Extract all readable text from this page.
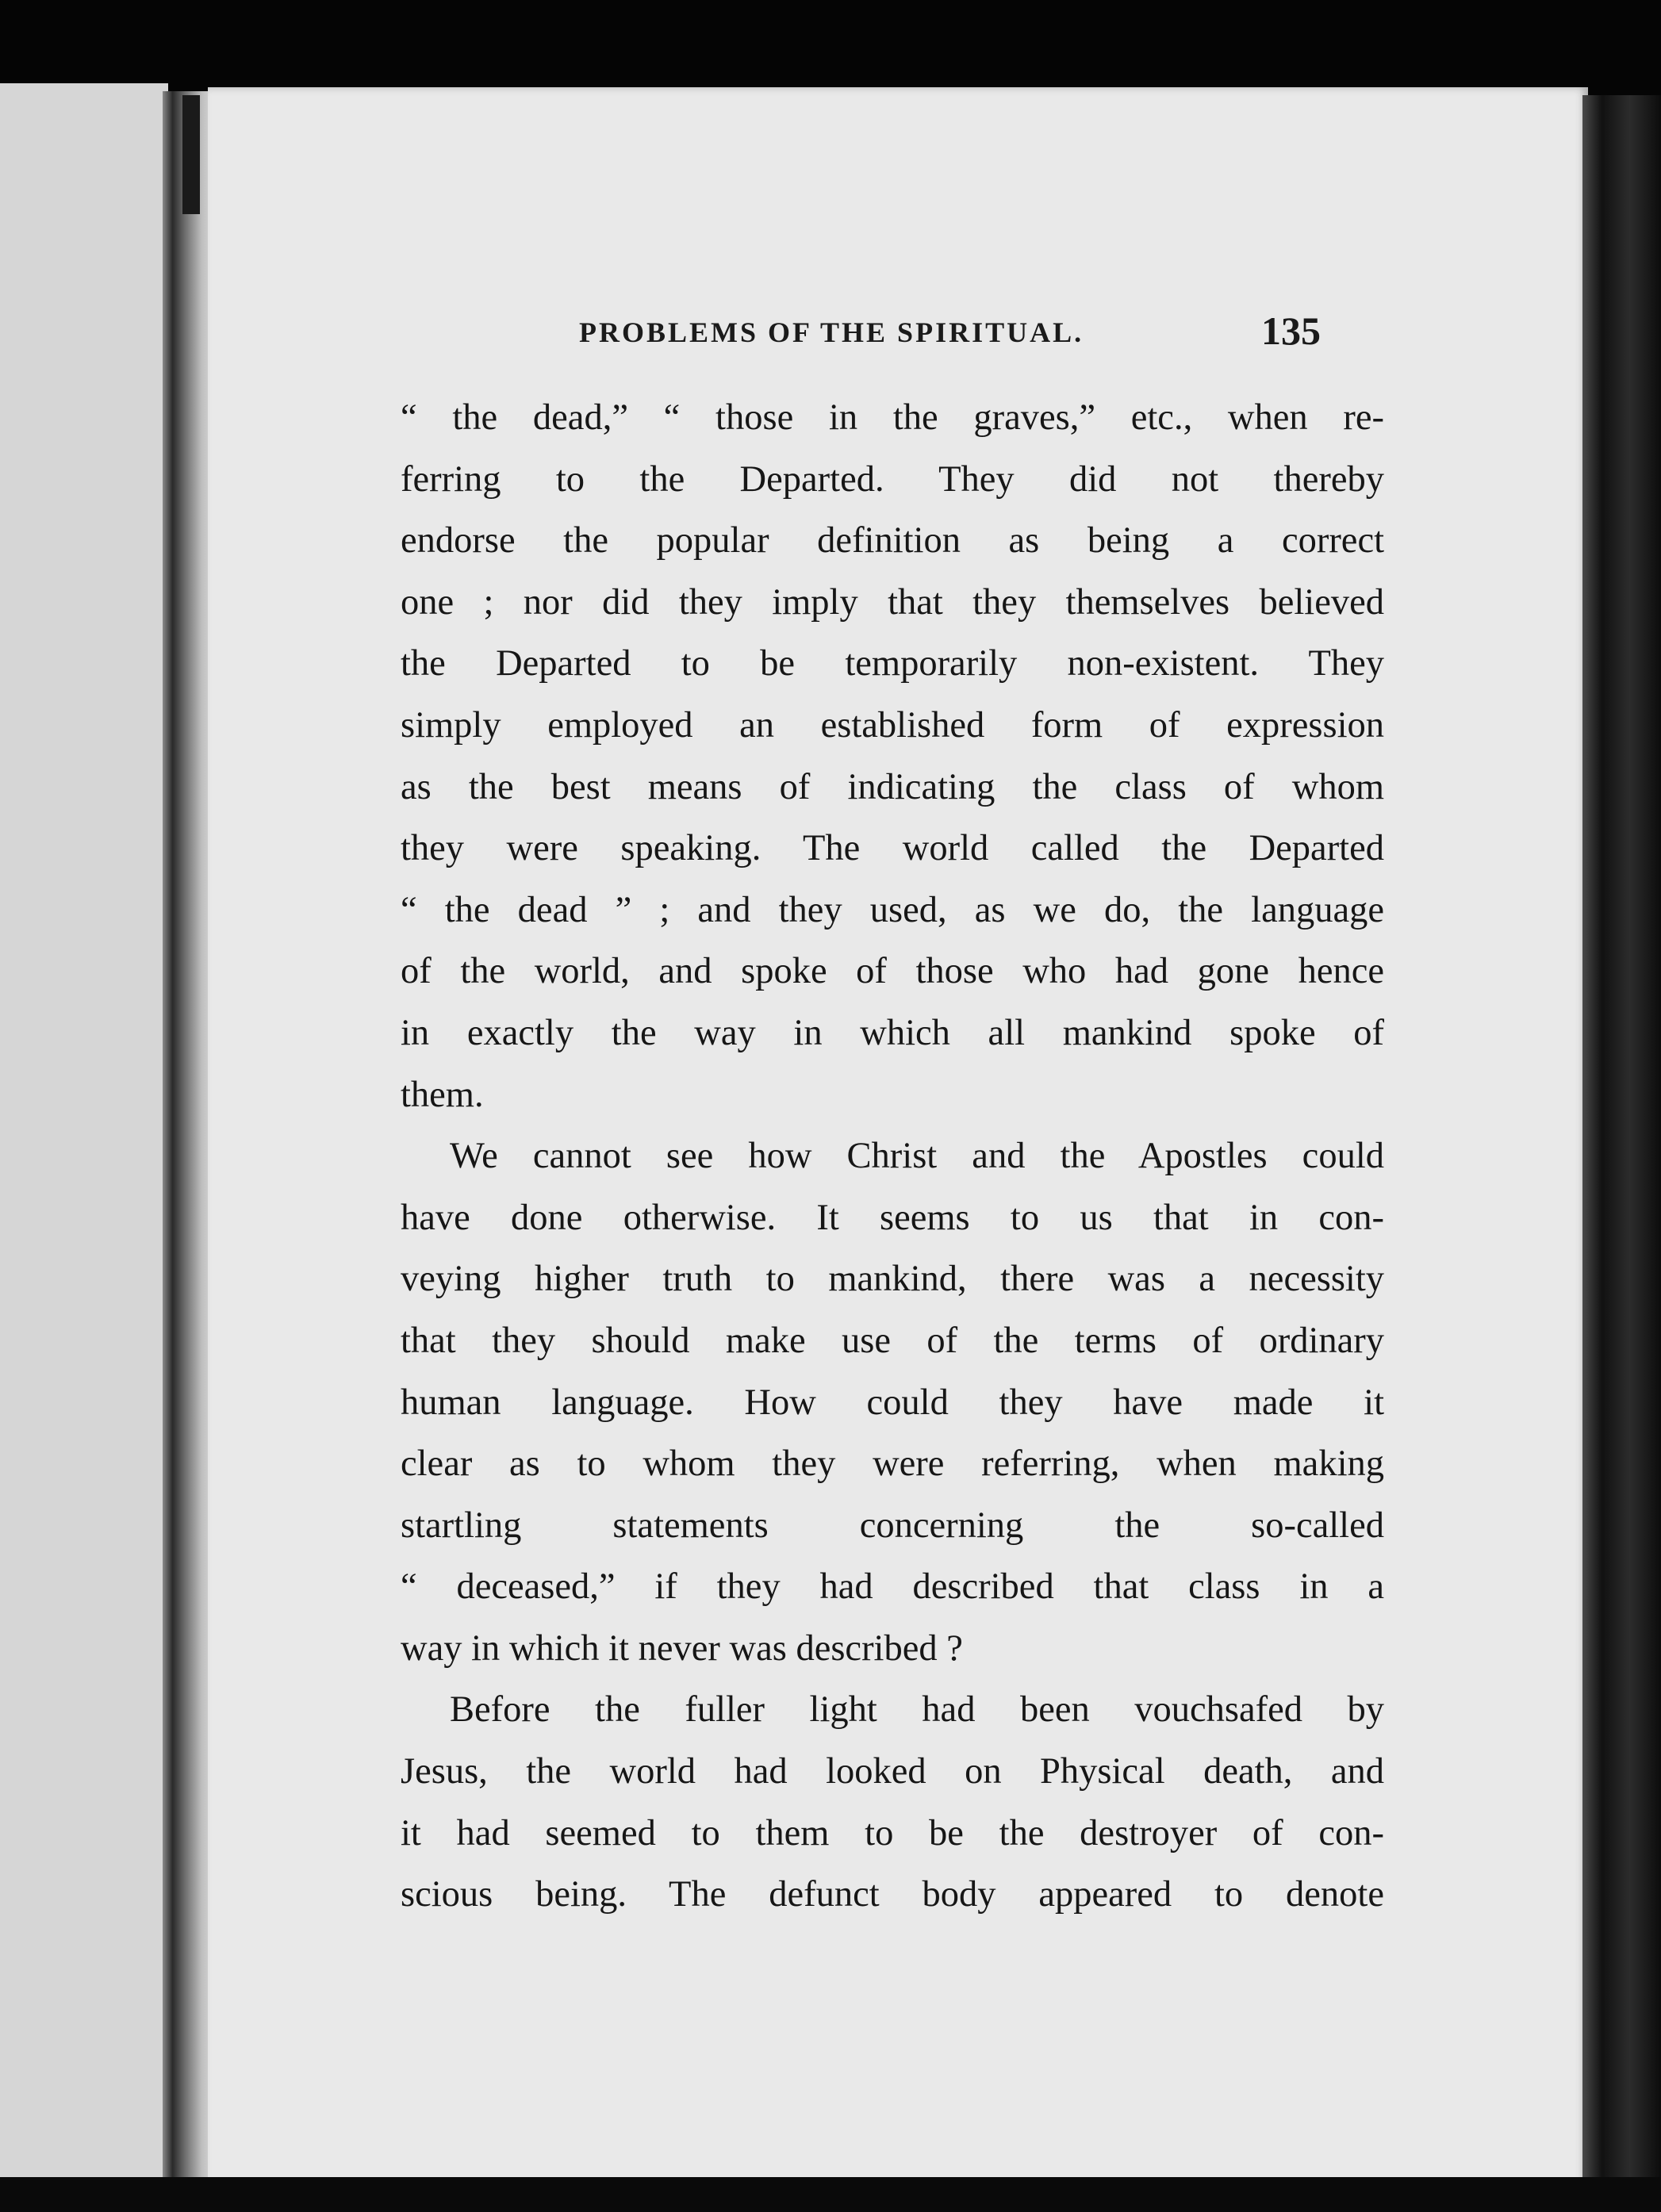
PROBLEMS OF THE SPIRITUAL.	135
“ the dead,” “ those in the graves,” etc., when re-
ferring to the Departed. They did not thereby
endorse the popular definition as being a correct
one ; nor did they imply that they themselves believed
the Departed to be temporarily non-existent. They
simply employed an established form of expression
as the best means of indicating the class of whom
they were speaking. The world called the Departed
“ the dead ” ; and they used, as we do, the language
of the world, and spoke of those who had gone hence
in exactly the way in which all mankind spoke of
them.
We cannot see how Christ and the Apostles could
have done otherwise. It seems to us that in con-
veying higher truth to mankind, there was a necessity
that they should make use of the terms of ordinary
human language. How could they have made it
clear as to whom they were referring, when making
startling statements concerning the so-called
“ deceased,” if they had described that class in a
way in which it never was described ?
Before the fuller light had been vouchsafed by
Jesus, the world had looked on Physical death, and
it had seemed to them to be the destroyer of con-
scious being. The defunct body appeared to denote
